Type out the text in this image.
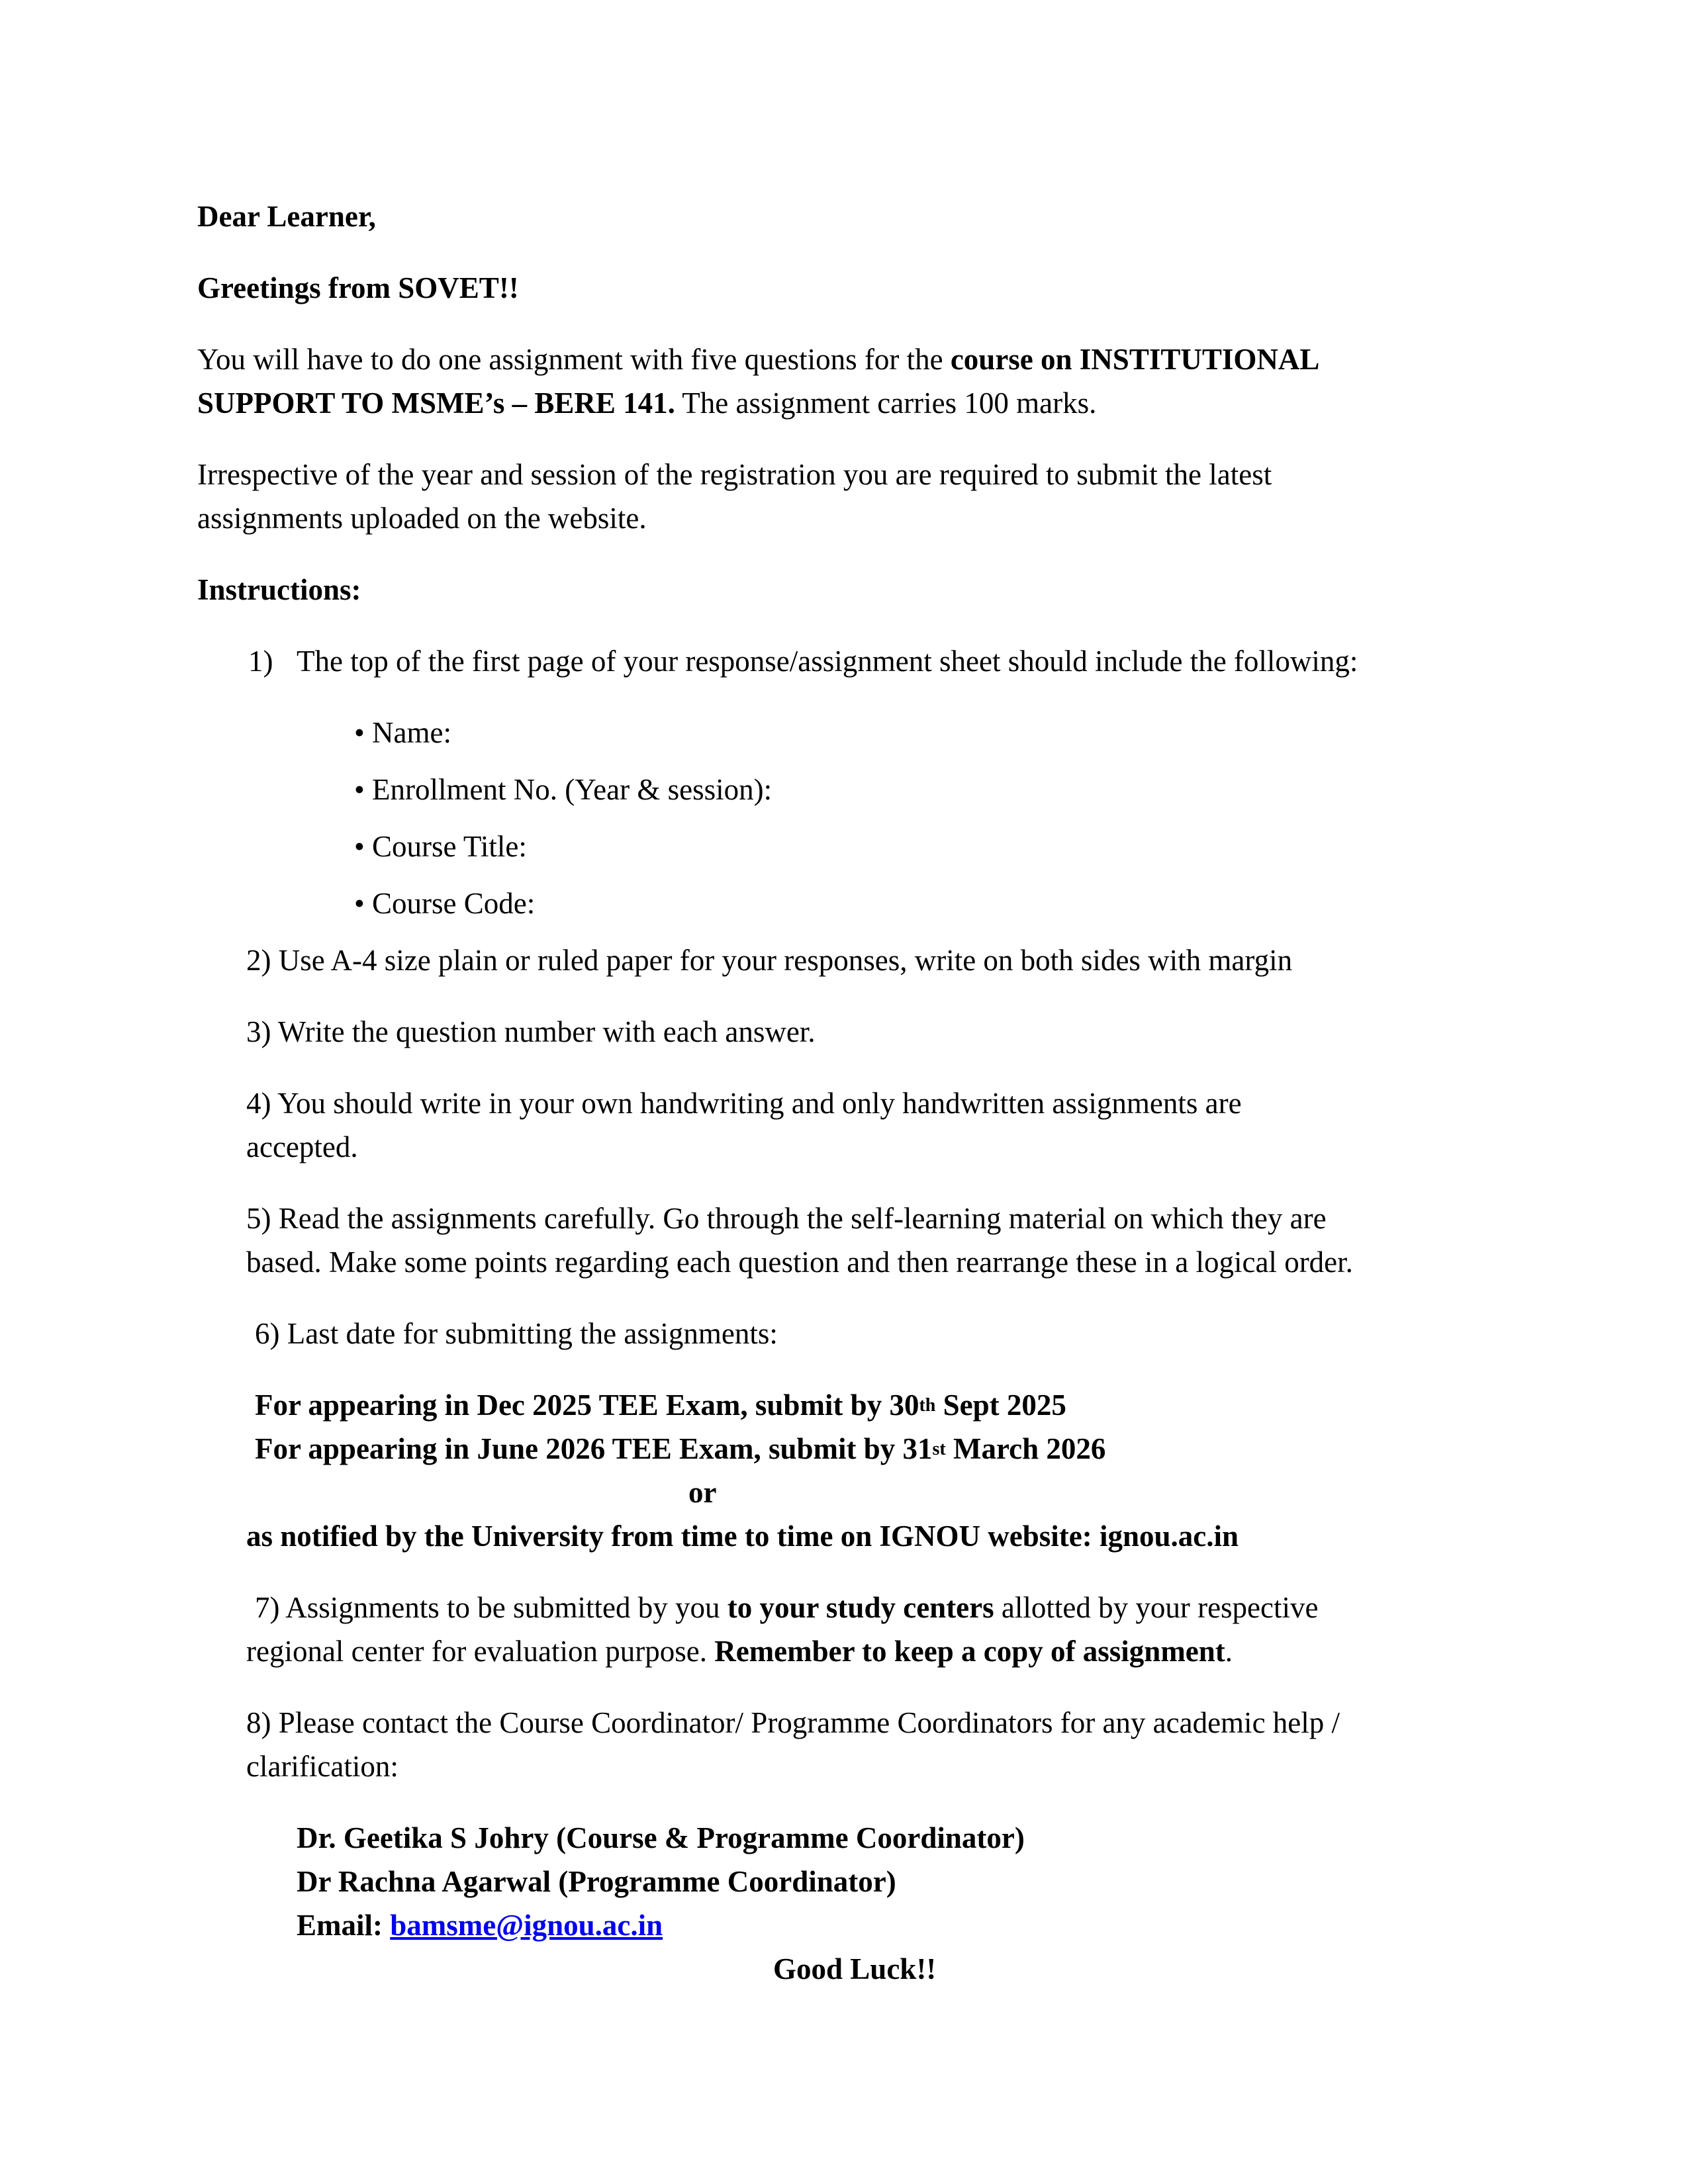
Dear Learner,

Greetings from SOVET!!

You will have to do one assignment with five questions for the course on INSTITUTIONAL

SUPPORT TO MSME’s – BERE 141. The assignment carries 100 marks.

Irrespective of the year and session of the registration you are required to submit the latest

assignments uploaded on the website.

Instructions:

1) The top of the first page of your response/assignment sheet should include the following:

• Name:

• Enrollment No. (Year & session):

• Course Title:

• Course Code:

2) Use A-4 size plain or ruled paper for your responses, write on both sides with margin

3) Write the question number with each answer.

4) You should write in your own handwriting and only handwritten assignments are

accepted.

5) Read the assignments carefully. Go through the self-learning material on which they are

based. Make some points regarding each question and then rearrange these in a logical order.

6) Last date for submitting the assignments:

For appearing in Dec 2025 TEE Exam, submit by 30th Sept 2025

For appearing in June 2026 TEE Exam, submit by 31st March 2026

or

as notified by the University from time to time on IGNOU website: ignou.ac.in

7) Assignments to be submitted by you to your study centers allotted by your respective

regional center for evaluation purpose. Remember to keep a copy of assignment.

8) Please contact the Course Coordinator/ Programme Coordinators for any academic help /

clarification:

Dr. Geetika S Johry (Course & Programme Coordinator)

Dr Rachna Agarwal (Programme Coordinator)

Email: bamsme@ignou.ac.in

Good Luck!!
